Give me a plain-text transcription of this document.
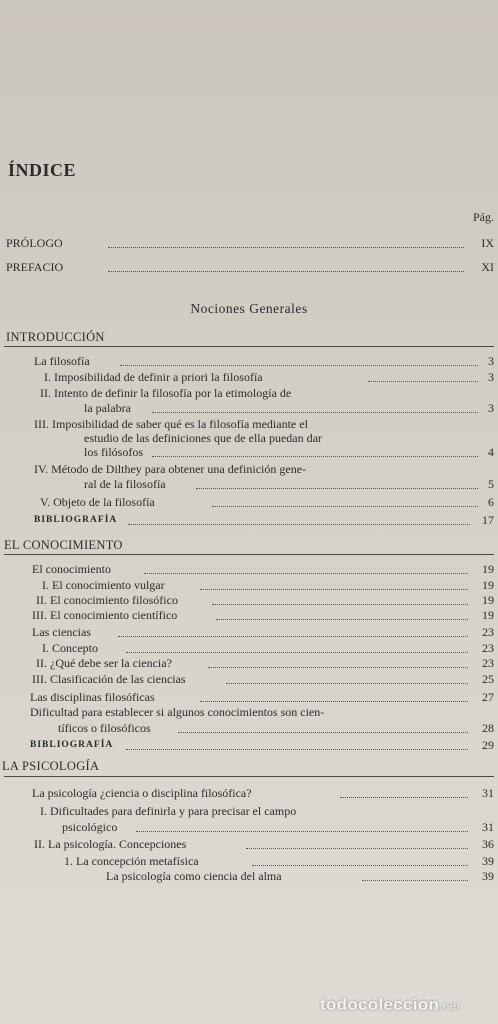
ÍNDICE
Pág.
PRÓLOGO	IX
PREFACIO	XI
Nociones Generales
INTRODUCCIÓN
La filosofía	3
I. Imposibilidad de definir a priori la filosofía	3
II. Intento de definir la filosofía por la etimología de
la palabra	3
III. Imposibilidad de saber qué es la filosofía mediante el
estudio de las definiciones que de ella puedan dar
los filósofos	4
IV. Método de Dilthey para obtener una definición gene-
ral de la filosofía	5
V. Objeto de la filosofía	6
BIBLIOGRAFÍA	17
EL CONOCIMIENTO
El conocimiento	19
I. El conocimiento vulgar	19
II. El conocimiento filosófico	19
III. El conocimiento científico	19
Las ciencias	23
I. Concepto	23
II. ¿Qué debe ser la ciencia?	23
III. Clasificación de las ciencias	25
Las disciplinas filosóficas	27
Dificultad para establecer si algunos conocimientos son cien-
tíficos o filosóficos	28
BIBLIOGRAFÍA	29
LA PSICOLOGÍA
La psicología ¿ciencia o disciplina filosófica?	31
I. Dificultades para definirla y para precisar el campo
psicológico	31
II. La psicología. Concepciones	36
1. La concepción metafísica	39
La psicología como ciencia del alma	39
todocoleccion.net
